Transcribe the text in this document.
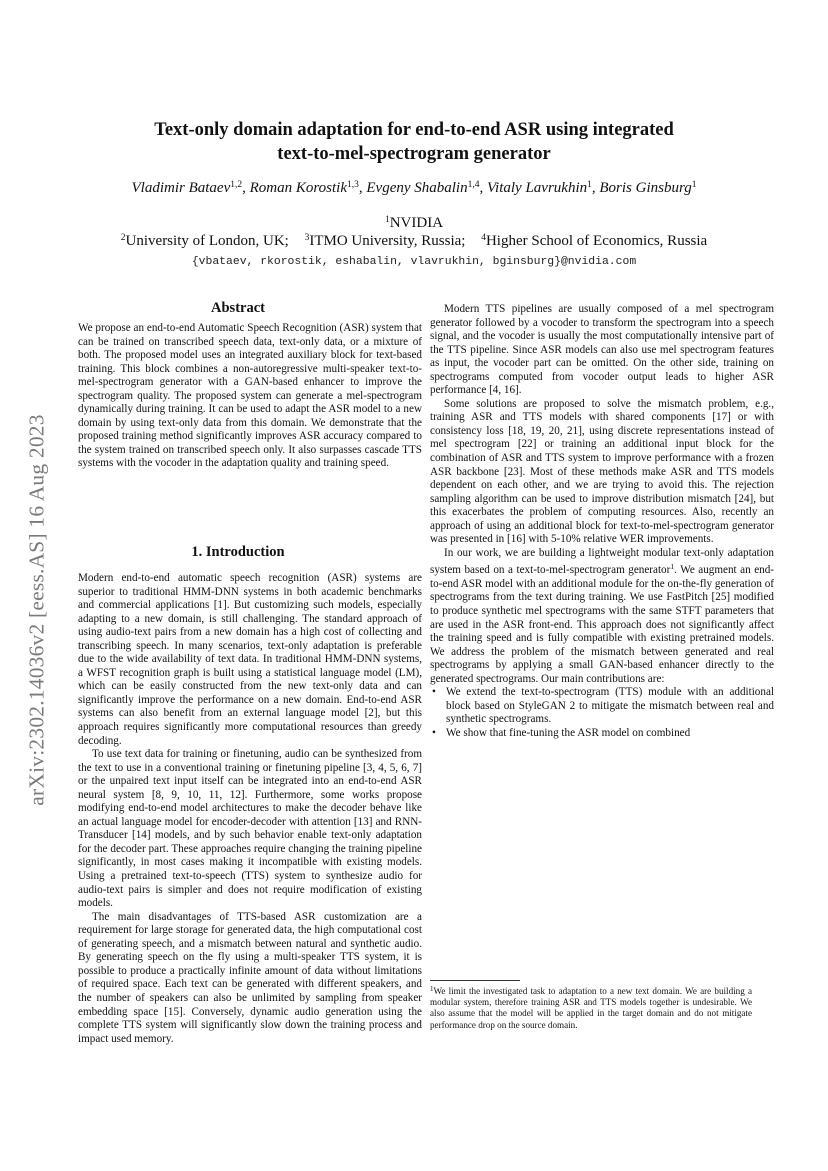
arXiv:2302.14036v2 [eess.AS] 16 Aug 2023
Text-only domain adaptation for end-to-end ASR using integrated
text-to-mel-spectrogram generator
Vladimir Bataev$^{1,2}$, Roman Korostik$^{1,3}$, Evgeny Shabalin$^{1,4}$, Vitaly Lavrukhin$^1$, Boris Ginsburg$^1$
$^1$NVIDIA
$^2$University of London, UK; $^3$ITMO University, Russia; $^4$Higher School of Economics, Russia
{vbataev, rkorostik, eshabalin, vlavrukhin, bginsburg}@nvidia.com
Abstract

We propose an end-to-end Automatic Speech Recognition (ASR) system that can be trained on transcribed speech data, text-only data, or a mixture of both. The proposed model uses an integrated auxiliary block for text-based training. This block combines a non-autoregressive multi-speaker text-to-mel-spectrogram generator with a GAN-based enhancer to improve the spectrogram quality. The proposed system can generate a mel-spectrogram dynamically during training. It can be used to adapt the ASR model to a new domain by using text-only data from this domain. We demonstrate that the proposed training method significantly improves ASR accuracy compared to the system trained on transcribed speech only. It also surpasses cascade TTS systems with the vocoder in the adaptation quality and training speed.

1. Introduction

Modern end-to-end automatic speech recognition (ASR) systems are superior to traditional HMM-DNN systems in both academic benchmarks and commercial applications [1]. But customizing such models, especially adapting to a new domain, is still challenging. The standard approach of using audio-text pairs from a new domain has a high cost of collecting and transcribing speech. In many scenarios, text-only adaptation is preferable due to the wide availability of text data. In traditional HMM-DNN systems, a WFST recognition graph is built using a statistical language model (LM), which can be easily constructed from the new text-only data and can significantly improve the performance on a new domain. End-to-end ASR systems can also benefit from an external language model [2], but this approach requires significantly more computational resources than greedy decoding.

To use text data for training or finetuning, audio can be synthesized from the text to use in a conventional training or finetuning pipeline [3, 4, 5, 6, 7] or the unpaired text input itself can be integrated into an end-to-end ASR neural system [8, 9, 10, 11, 12]. Furthermore, some works propose modifying end-to-end model architectures to make the decoder behave like an actual language model for encoder-decoder with attention [13] and RNN-Transducer [14] models, and by such behavior enable text-only adaptation for the decoder part. These approaches require changing the training pipeline significantly, in most cases making it incompatible with existing models. Using a pretrained text-to-speech (TTS) system to synthesize audio for audio-text pairs is simpler and does not require modification of existing models.

The main disadvantages of TTS-based ASR customization are a requirement for large storage for generated data, the high computational cost of generating speech, and a mismatch between natural and synthetic audio. By generating speech on the fly using a multi-speaker TTS system, it is possible to produce a practically infinite amount of data without limitations of required space. Each text can be generated with different speakers, and the number of speakers can also be unlimited by sampling from speaker embedding space [15]. Conversely, dynamic audio generation using the complete TTS system will significantly slow down the training process and impact used memory.

Modern TTS pipelines are usually composed of a mel spectrogram generator followed by a vocoder to transform the spectrogram into a speech signal, and the vocoder is usually the most computationally intensive part of the TTS pipeline. Since ASR models can also use mel spectrogram features as input, the vocoder part can be omitted. On the other side, training on spectrograms computed from vocoder output leads to higher ASR performance [4, 16].

Some solutions are proposed to solve the mismatch problem, e.g., training ASR and TTS models with shared components [17] or with consistency loss [18, 19, 20, 21], using discrete representations instead of mel spectrogram [22] or training an additional input block for the combination of ASR and TTS system to improve performance with a frozen ASR backbone [23]. Most of these methods make ASR and TTS models dependent on each other, and we are trying to avoid this. The rejection sampling algorithm can be used to improve distribution mismatch [24], but this exacerbates the problem of computing resources. Also, recently an approach of using an additional block for text-to-mel-spectrogram generator was presented in [16] with 5-10% relative WER improvements.

In our work, we are building a lightweight modular text-only adaptation system based on a text-to-mel-spectrogram generator$^1$. We augment an end-to-end ASR model with an additional module for the on-the-fly generation of spectrograms from the text during training. We use FastPitch [25] modified to produce synthetic mel spectrograms with the same STFT parameters that are used in the ASR front-end. This approach does not significantly affect the training speed and is fully compatible with existing pretrained models. We address the problem of the mismatch between generated and real spectrograms by applying a small GAN-based enhancer directly to the generated spectrograms. Our main contributions are:

• We extend the text-to-spectrogram (TTS) module with an additional block based on StyleGAN 2 to mitigate the mismatch between real and synthetic spectrograms.
• We show that fine-tuning the ASR model on combined
$^1$We limit the investigated task to adaptation to a new text domain. We are building a modular system, therefore training ASR and TTS models together is undesirable. We also assume that the model will be applied in the target domain and do not mitigate performance drop on the source domain.
